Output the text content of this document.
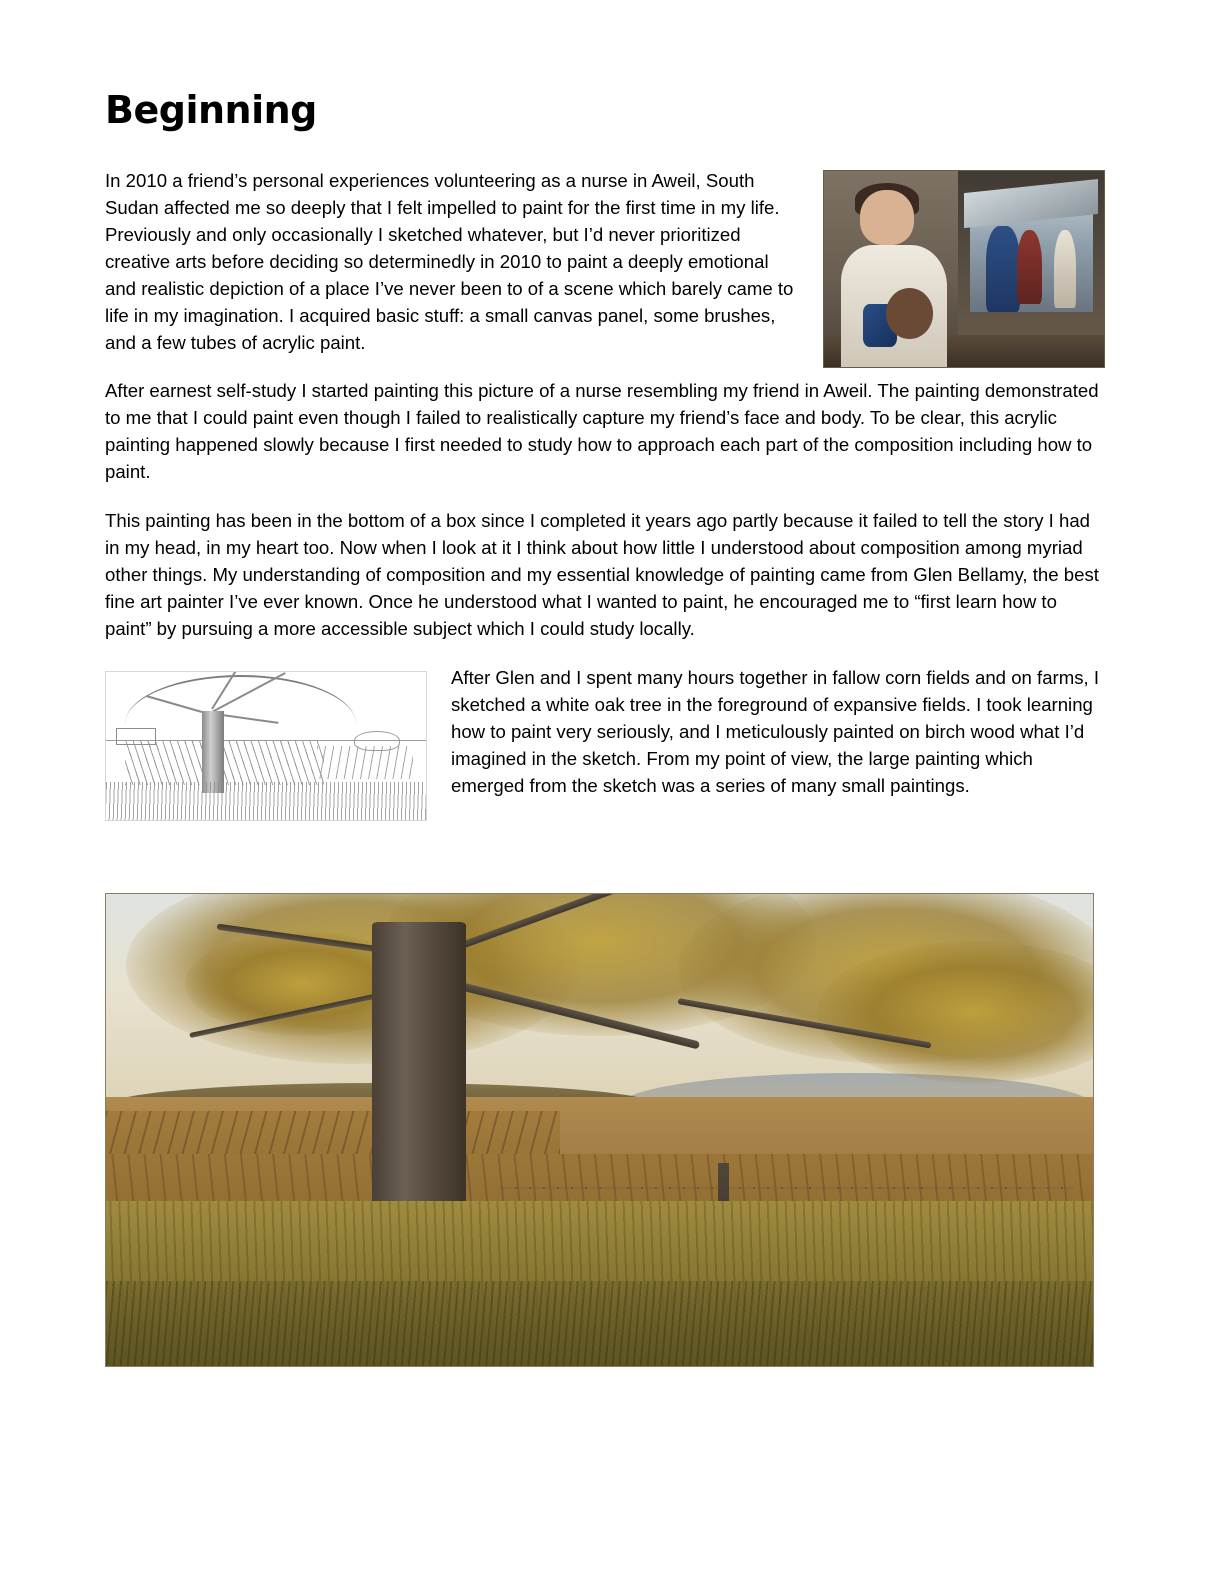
Beginning

In 2010 a friend’s personal experiences volunteering as a nurse in Aweil, South Sudan affected me so deeply that I felt impelled to paint for the first time in my life. Previously and only occasionally I sketched whatever, but I’d never prioritized creative arts before deciding so determinedly in 2010 to paint a deeply emotional and realistic depiction of a place I’ve never been to of a scene which barely came to life in my imagination. I acquired basic stuff: a small canvas panel, some brushes, and a few tubes of acrylic paint.

After earnest self-study I started painting this picture of a nurse resembling my friend in Aweil. The painting demonstrated to me that I could paint even though I failed to realistically capture my friend’s face and body. To be clear, this acrylic painting happened slowly because I first needed to study how to approach each part of the composition including how to paint.

This painting has been in the bottom of a box since I completed it years ago partly because it failed to tell the story I had in my head, in my heart too. Now when I look at it I think about how little I understood about composition among myriad other things. My understanding of composition and my essential knowledge of painting came from Glen Bellamy, the best fine art painter I’ve ever known. Once he understood what I wanted to paint, he encouraged me to “first learn how to paint” by pursuing a more accessible subject which I could study locally.

After Glen and I spent many hours together in fallow corn fields and on farms, I sketched a white oak tree in the foreground of expansive fields. I took learning how to paint very seriously, and I meticulously painted on birch wood what I’d imagined in the sketch. From my point of view, the large painting which emerged from the sketch was a series of many small paintings.
